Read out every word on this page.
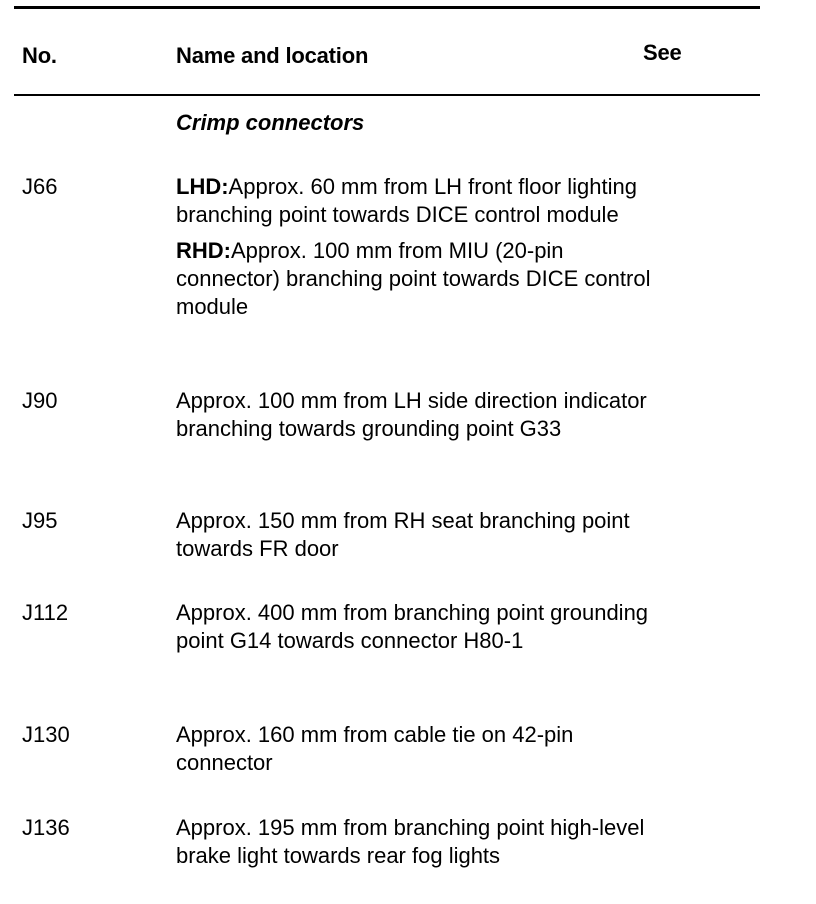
No.	Name and location	See
Crimp connectors
J66	LHD:Approx. 60 mm from LH front floor lighting branching point towards DICE control module
RHD:Approx. 100 mm from MIU (20-pin connector) branching point towards DICE control module
J90	Approx. 100 mm from LH side direction indicator branching towards grounding point G33
J95	Approx. 150 mm from RH seat branching point towards FR door
J112	Approx. 400 mm from branching point grounding point G14 towards connector H80-1
J130	Approx. 160 mm from cable tie on 42-pin connector
J136	Approx. 195 mm from branching point high-level brake light towards rear fog lights
